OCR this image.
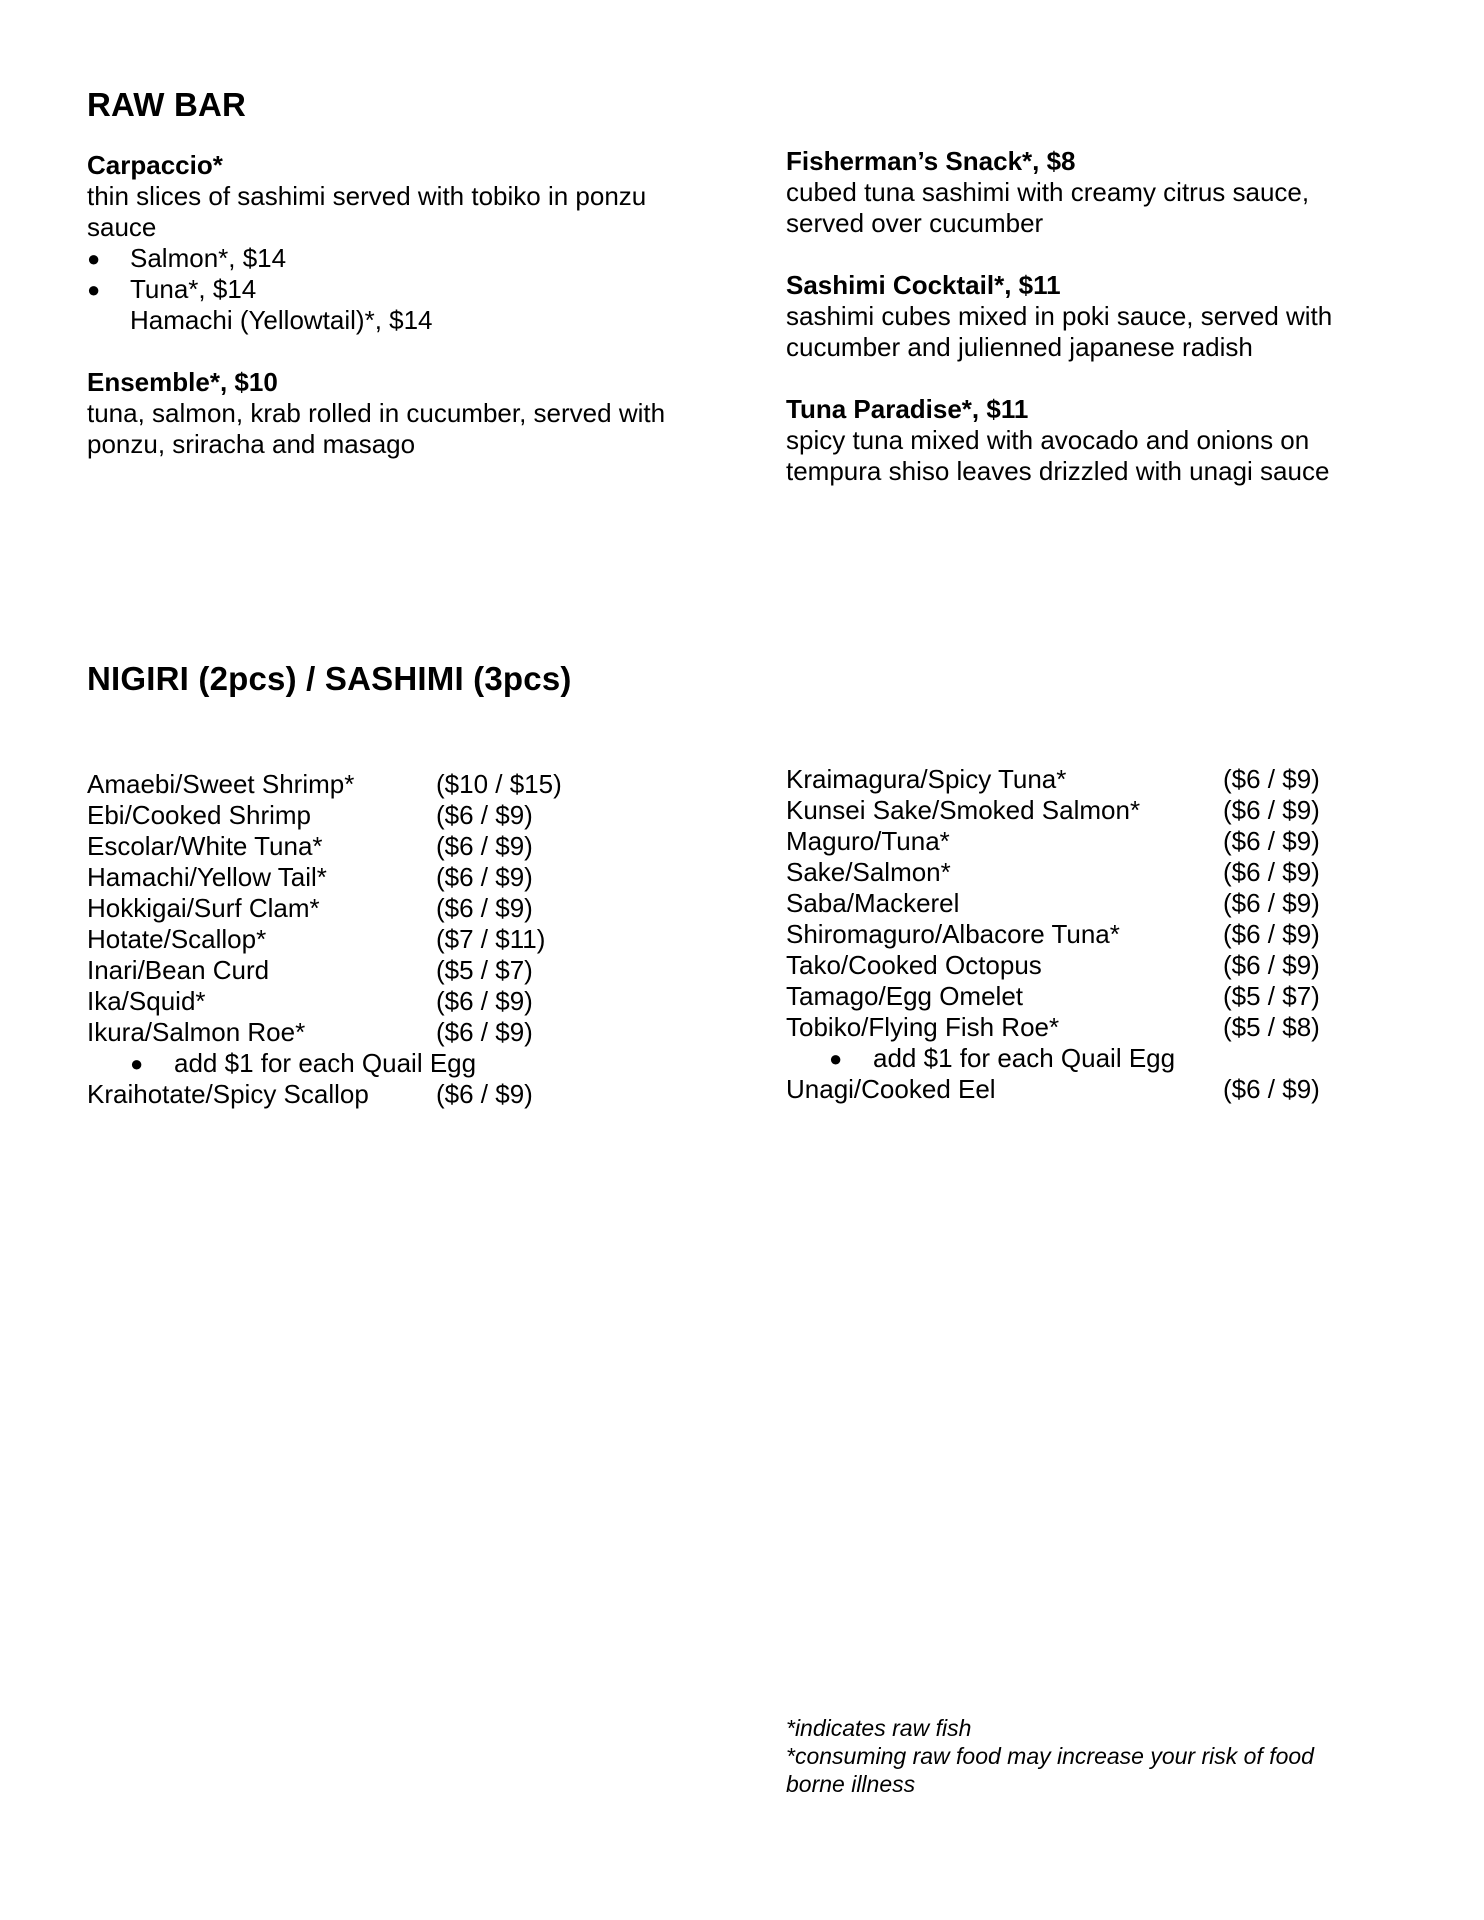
RAW BAR
Carpaccio*
thin slices of sashimi served with tobiko in ponzu sauce
● Salmon*, $14
● Tuna*, $14
Hamachi (Yellowtail)*, $14
Ensemble*, $10
tuna, salmon, krab rolled in cucumber, served with ponzu, sriracha and masago
Fisherman’s Snack*, $8
cubed tuna sashimi with creamy citrus sauce, served over cucumber
Sashimi Cocktail*, $11
sashimi cubes mixed in poki sauce, served with cucumber and julienned japanese radish
Tuna Paradise*, $11
spicy tuna mixed with avocado and onions on tempura shiso leaves drizzled with unagi sauce
NIGIRI (2pcs) / SASHIMI (3pcs)
Amaebi/Sweet Shrimp*	($10 / $15)
Ebi/Cooked Shrimp	($6 / $9)
Escolar/White Tuna*	($6 / $9)
Hamachi/Yellow Tail*	($6 / $9)
Hokkigai/Surf Clam*	($6 / $9)
Hotate/Scallop*	($7 / $11)
Inari/Bean Curd	($5 / $7)
Ika/Squid*	($6 / $9)
Ikura/Salmon Roe*	($6 / $9)
● add $1 for each Quail Egg
Kraihotate/Spicy Scallop	($6 / $9)
Kraimagura/Spicy Tuna*	($6 / $9)
Kunsei Sake/Smoked Salmon*	($6 / $9)
Maguro/Tuna*	($6 / $9)
Sake/Salmon*	($6 / $9)
Saba/Mackerel	($6 / $9)
Shiromaguro/Albacore Tuna*	($6 / $9)
Tako/Cooked Octopus	($6 / $9)
Tamago/Egg Omelet	($5 / $7)
Tobiko/Flying Fish Roe*	($5 / $8)
● add $1 for each Quail Egg
Unagi/Cooked Eel	($6 / $9)
*indicates raw fish
*consuming raw food may increase your risk of food borne illness
